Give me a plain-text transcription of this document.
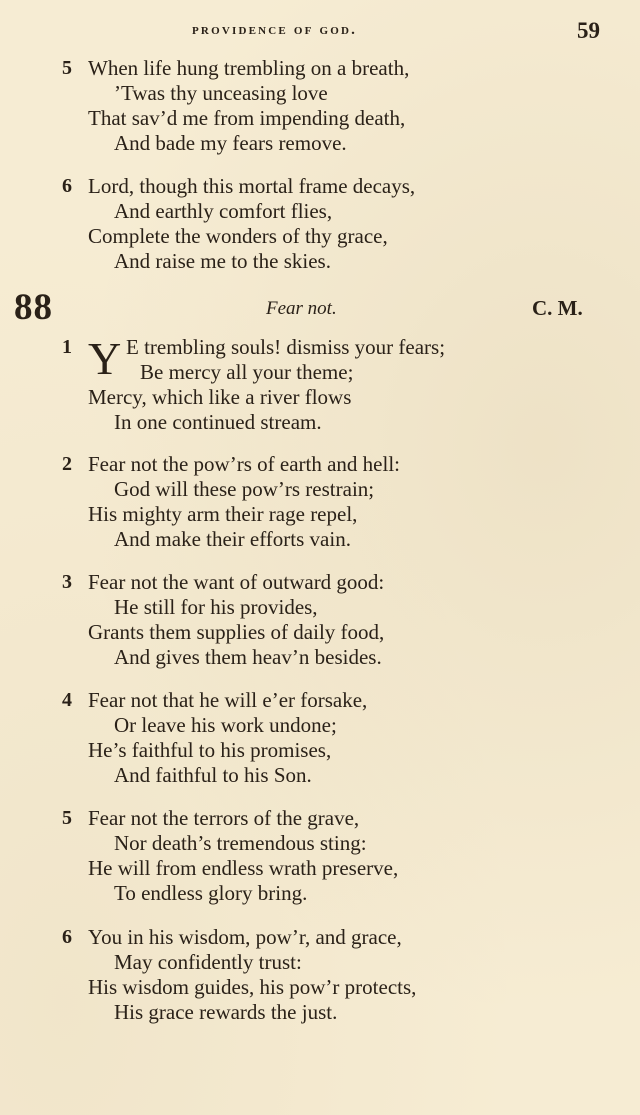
providence of god.	59
5 When life hung trembling on a breath,
’Twas thy unceasing love
That sav’d me from impending death,
And bade my fears remove.
6 Lord, though this mortal frame decays,
And earthly comfort flies,
Complete the wonders of thy grace,
And raise me to the skies.
88	Fear not.	C. M.
1 Y E trembling souls! dismiss your fears;
Be mercy all your theme;
Mercy, which like a river flows
In one continued stream.
2 Fear not the pow’rs of earth and hell:
God will these pow’rs restrain;
His mighty arm their rage repel,
And make their efforts vain.
3 Fear not the want of outward good:
He still for his provides,
Grants them supplies of daily food,
And gives them heav’n besides.
4 Fear not that he will e’er forsake,
Or leave his work undone;
He’s faithful to his promises,
And faithful to his Son.
5 Fear not the terrors of the grave,
Nor death’s tremendous sting:
He will from endless wrath preserve,
To endless glory bring.
6 You in his wisdom, pow’r, and grace,
May confidently trust:
His wisdom guides, his pow’r protects,
His grace rewards the just.
